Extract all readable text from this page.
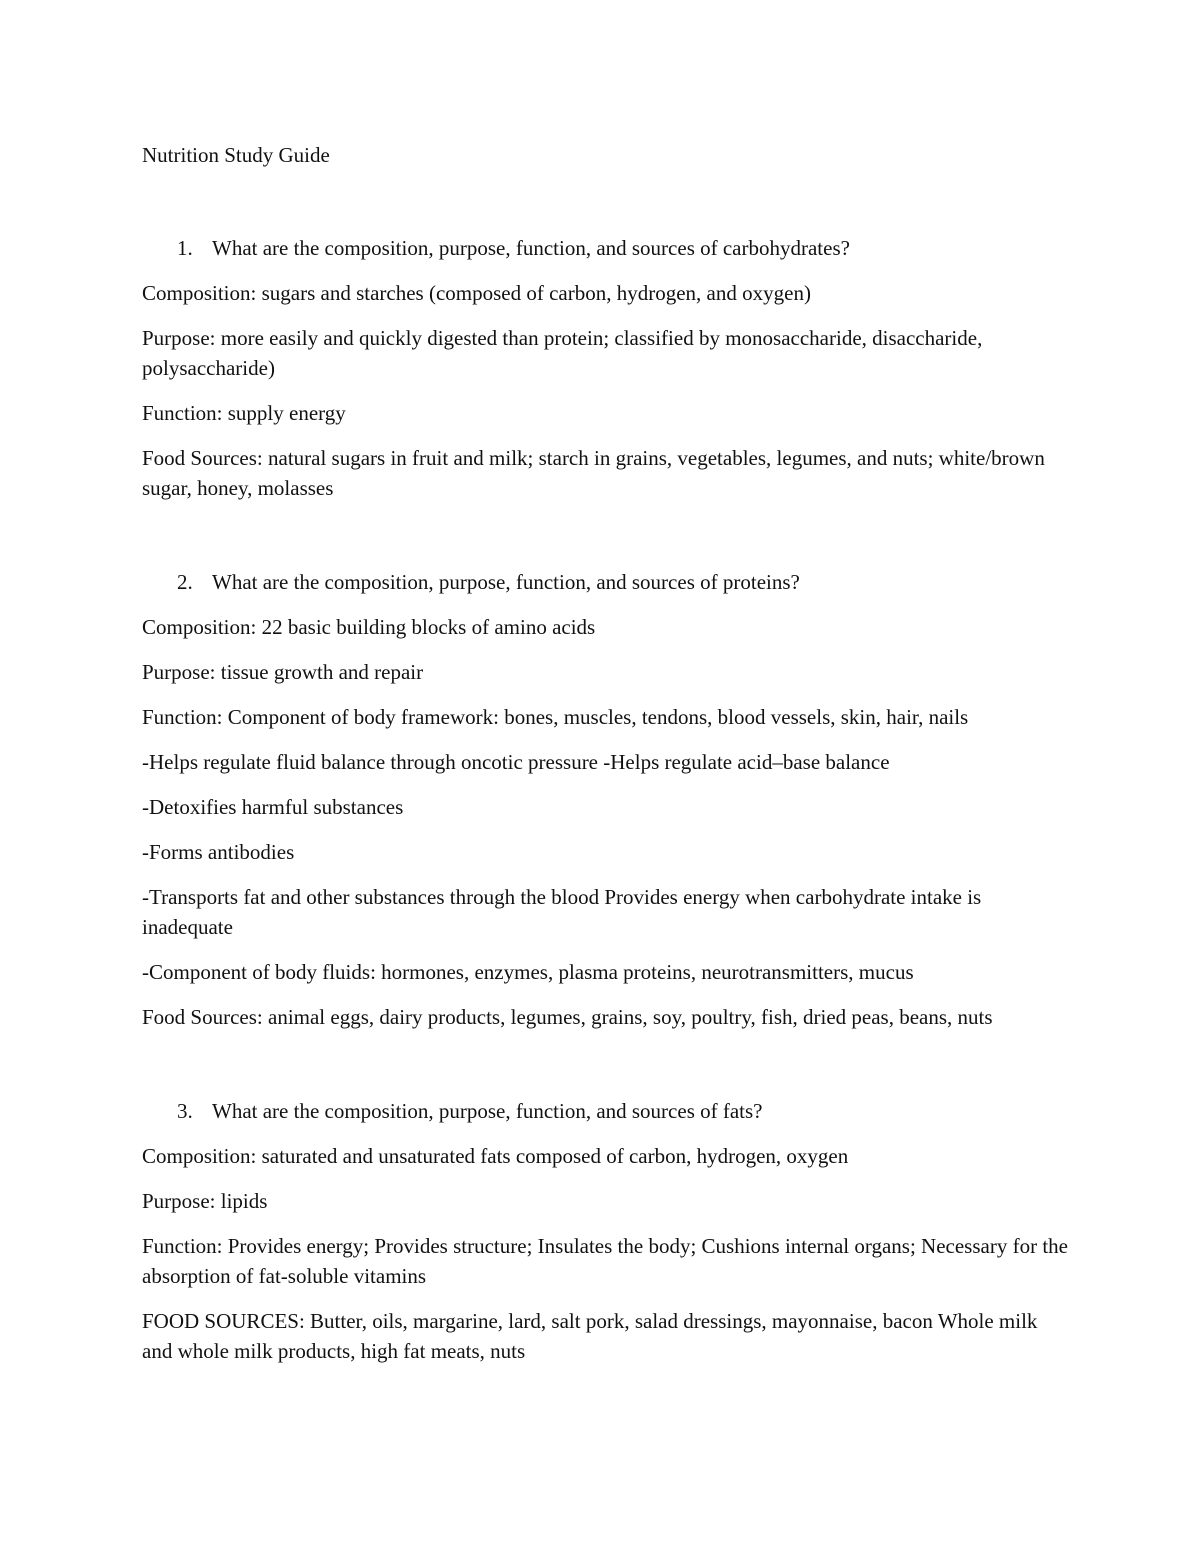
Nutrition Study Guide

1. What are the composition, purpose, function, and sources of carbohydrates?

Composition: sugars and starches (composed of carbon, hydrogen, and oxygen)

Purpose: more easily and quickly digested than protein; classified by monosaccharide, disaccharide, polysaccharide)

Function: supply energy

Food Sources: natural sugars in fruit and milk; starch in grains, vegetables, legumes, and nuts; white/brown sugar, honey, molasses

2. What are the composition, purpose, function, and sources of proteins?

Composition: 22 basic building blocks of amino acids

Purpose: tissue growth and repair

Function: Component of body framework: bones, muscles, tendons, blood vessels, skin, hair, nails

-Helps regulate fluid balance through oncotic pressure -Helps regulate acid–base balance

-Detoxifies harmful substances

-Forms antibodies

-Transports fat and other substances through the blood Provides energy when carbohydrate intake is inadequate

-Component of body fluids: hormones, enzymes, plasma proteins, neurotransmitters, mucus

Food Sources: animal eggs, dairy products, legumes, grains, soy, poultry, fish, dried peas, beans, nuts

3. What are the composition, purpose, function, and sources of fats?

Composition: saturated and unsaturated fats composed of carbon, hydrogen, oxygen

Purpose: lipids

Function: Provides energy; Provides structure; Insulates the body; Cushions internal organs; Necessary for the absorption of fat-soluble vitamins

FOOD SOURCES: Butter, oils, margarine, lard, salt pork, salad dressings, mayonnaise, bacon Whole milk and whole milk products, high fat meats, nuts
